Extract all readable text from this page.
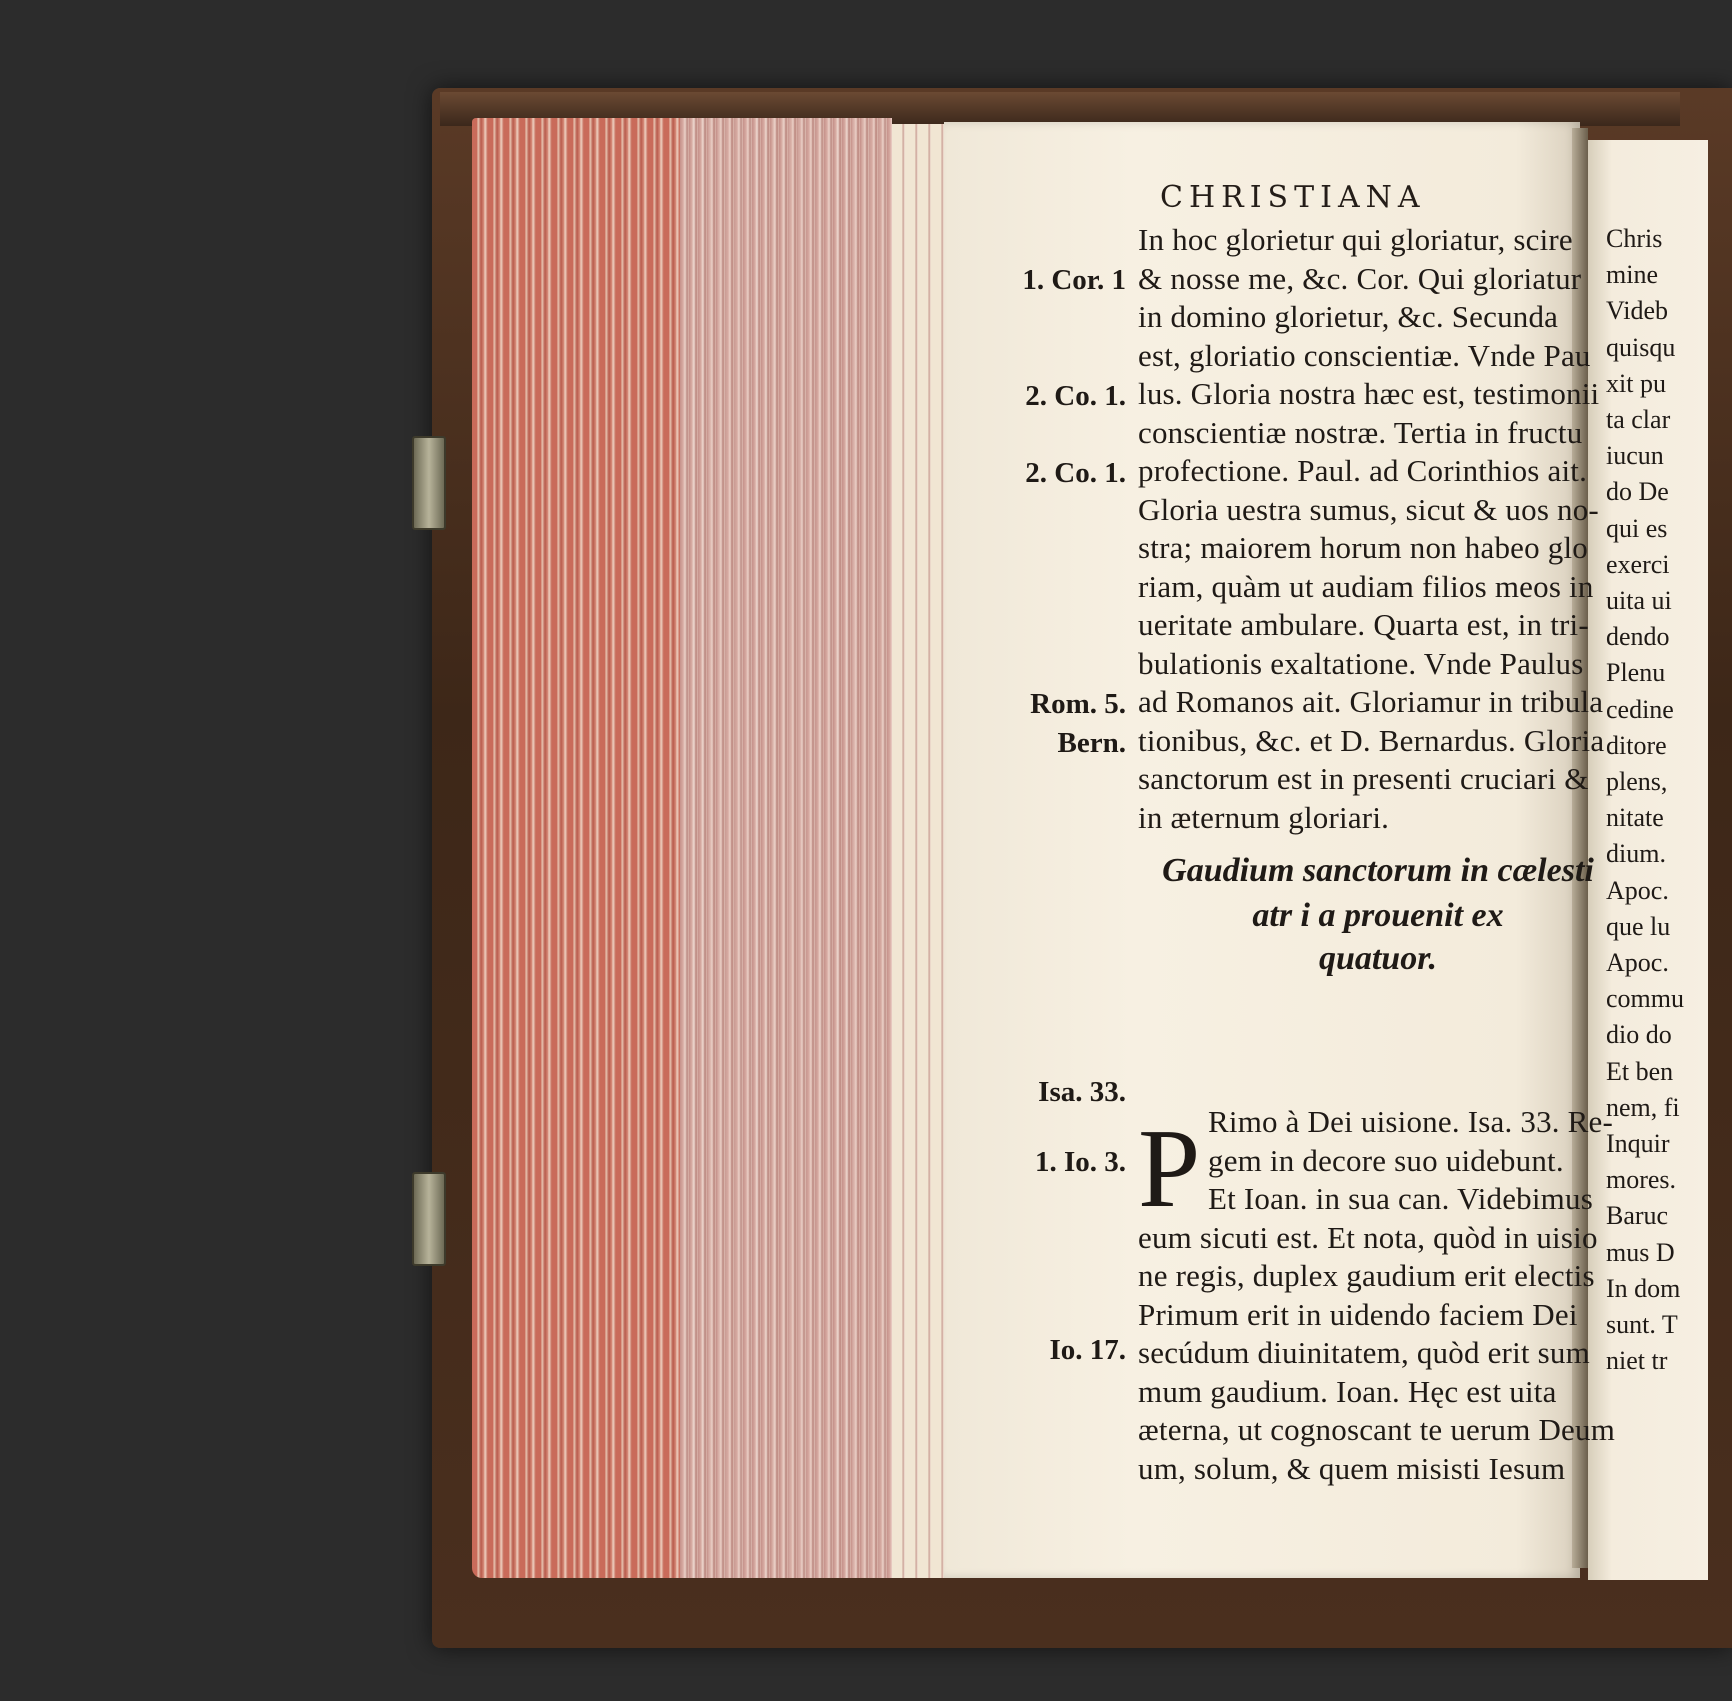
CHRISTIANA
In hoc glorietur qui gloriatur, scire
& nosse me, &c. Cor. Qui gloriatur
in domino glorietur, &c. Secunda
est, gloriatio conscientiæ. Vnde Pau
lus. Gloria nostra hæc est, testimonii
conscientiæ nostræ. Tertia in fructu
profectione. Paul. ad Corinthios ait.
Gloria uestra sumus, sicut & uos no-
stra; maiorem horum non habeo glo
riam, quàm ut audiam filios meos in
ueritate ambulare. Quarta est, in tri-
bulationis exaltatione. Vnde Paulus
ad Romanos ait. Gloriamur in tribula
tionibus, &c. et D. Bernardus. Gloria
sanctorum est in presenti cruciari &
in æternum gloriari.
1. Cor. 1
2. Co. 1.
2. Co. 1.
Rom. 5.
Bern.
Isa. 33.
1. Io. 3.
Io. 17.
Gaudium sanctorum in cælesti
atr i a prouenit ex
quatuor.
P Rimo à Dei uisione. Isa. 33. Re-
gem in decore suo uidebunt.
Et Ioan. in sua can. Videbimus
eum sicuti est. Et nota, quòd in uisio
ne regis, duplex gaudium erit electis
Primum erit in uidendo faciem Dei
secúdum diuinitatem, quòd erit sum
mum gaudium. Ioan. Hęc est uita
æterna, ut cognoscant te uerum Deum
um, solum, & quem misisti Iesum
Chris
mine
Videb
quisqu
xit pu
ta clar
iucun
do De
qui es
exerci
uita ui
dendo
Plenu
cedine
ditore
plens,
nitate
dium.
Apoc.
que lu
Apoc.
commu
dio do
Et ben
nem, fi
Inquir
mores.
Baruc
mus D
In dom
sunt. T
niet tr
